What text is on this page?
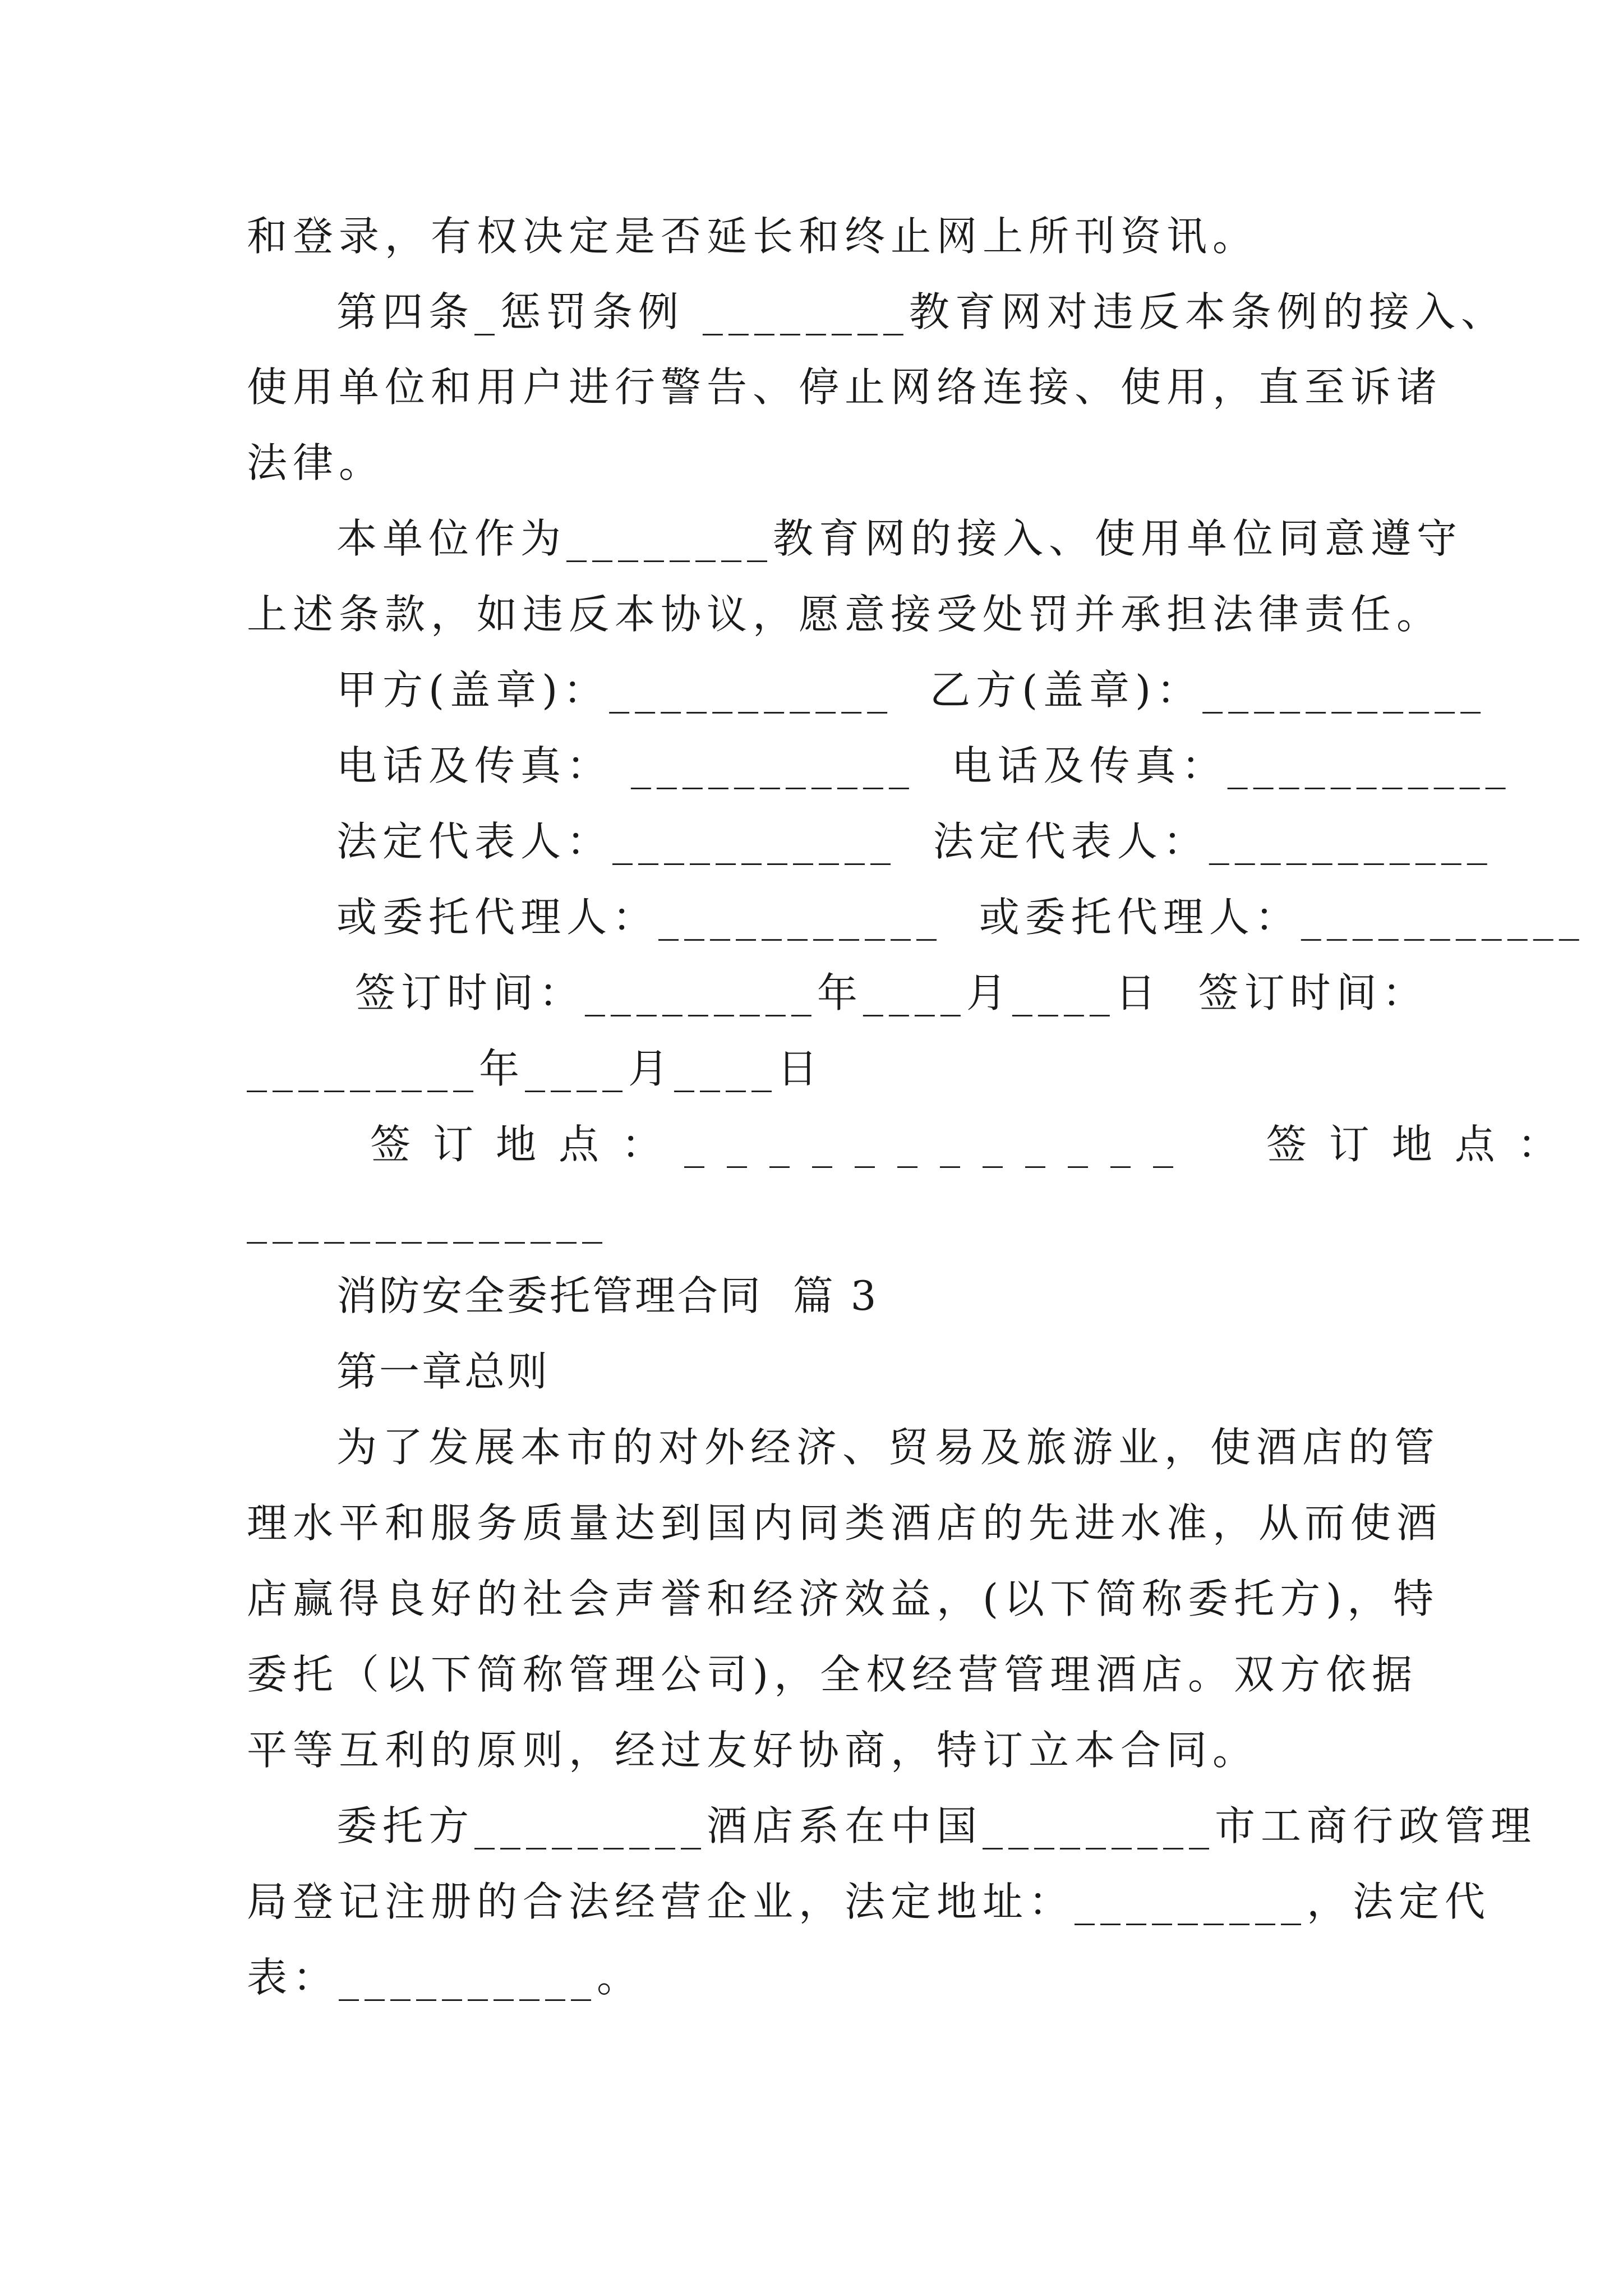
和登录，有权决定是否延长和终止网上所刊资讯。
第四条_惩罚条例 ________教育网对违反本条例的接入、
使用单位和用户进行警告、停止网络连接、使用，直至诉诸
法律。
本单位作为________教育网的接入、使用单位同意遵守
上述条款，如违反本协议，愿意接受处罚并承担法律责任。
甲方(盖章)：___________  乙方(盖章)：___________
电话及传真： ___________  电话及传真：___________
法定代表人：___________  法定代表人：___________
或委托代理人：___________  或委托代理人：___________
签订时间：_________年____月____日  签订时间：
_________年____月____日
签订地点：____________  签订地点：
______________
消防安全委托管理合同  篇 3
第一章总则
为了发展本市的对外经济、贸易及旅游业，使酒店的管
理水平和服务质量达到国内同类酒店的先进水准，从而使酒
店赢得良好的社会声誉和经济效益，(以下简称委托方)，特
委托（以下简称管理公司)，全权经营管理酒店。双方依据
平等互利的原则，经过友好协商，特订立本合同。
委托方_________酒店系在中国_________市工商行政管理
局登记注册的合法经营企业，法定地址：_________，法定代
表：__________。
